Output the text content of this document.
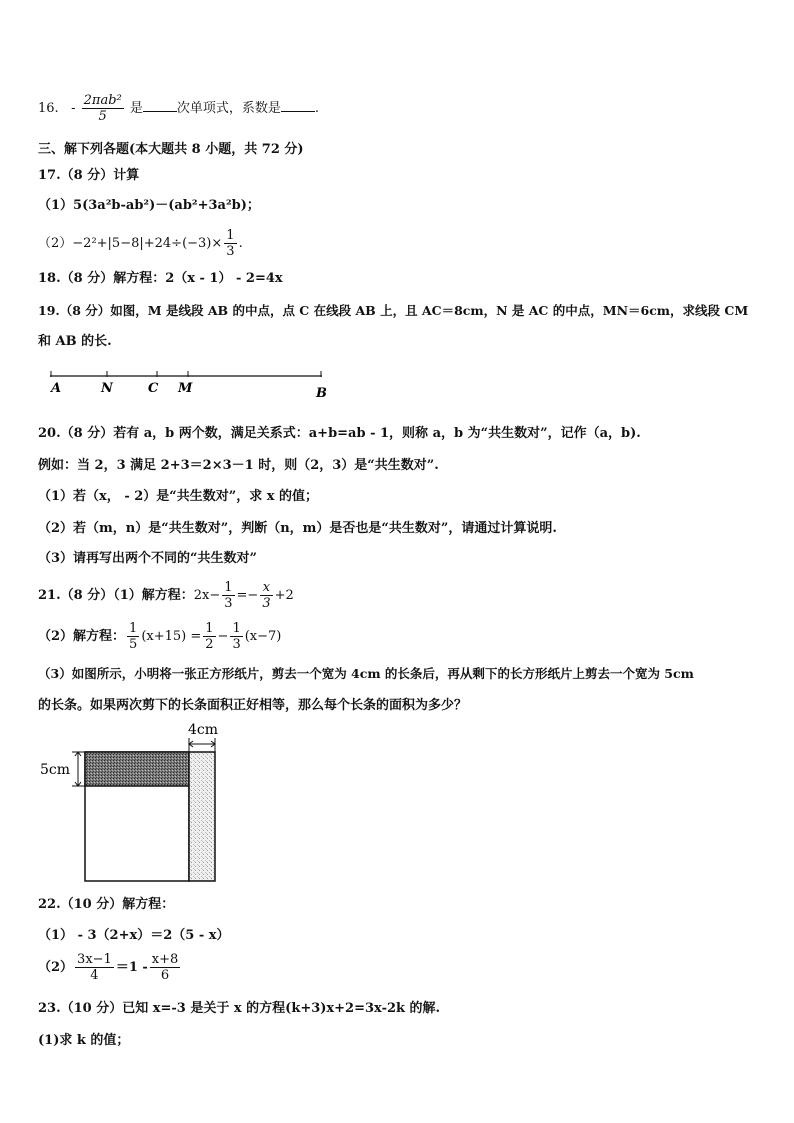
16. - $\frac{\text{2πab²}}{5}$ 是	次单项式，系数是	.
三、解下列各题(本大题共 8 小题，共 72 分)
17.（8 分）计算
（1）5(3a²b-ab²)－(ab²+3a²b)；
$(2)-2^2+|5-8|+24\div(-3)\times \frac{1}{3}$ .
18.（8 分）解方程：2（x - 1） - 2=4x
19.（8 分）如图，M 是线段 AB 的中点，点 C 在线段 AB 上，且 AC＝8cm，N 是 AC 的中点，MN＝6cm，求线段 CM
和 AB 的长.
A	N	C M	B
20.（8 分）若有 a，b 两个数，满足关系式：a+b=ab - 1，则称 a，b 为“共生数对”，记作（a，b).
例如：当 2，3 满足 2+3＝2×3－1 时，则（2，3）是“共生数对”.
（1）若（x， - 2）是“共生数对”，求 x 的值；
（2）若（m，n）是“共生数对”，判断（n，m）是否也是“共生数对”，请通过计算说明.
（3）请再写出两个不同的“共生数对”
21.（8 分）（1）解方程：$2x- \frac{1}{3} =- \frac{x}{3} +2$
（2）解方程： $\frac{1}{5} (x+15) = \frac{1}{2} - \frac{1}{3} (x-7)$
（3）如图所示，小明将一张正方形纸片，剪去一个宽为 4cm 的长条后，再从剩下的长方形纸片上剪去一个宽为 5cm
的长条。如果两次剪下的长条面积正好相等，那么每个长条的面积为多少？
4cm
5cm
22.（10 分）解方程：
（1） - 3（2+x）＝2（5 - x）
$(2) \frac{3x-1}{4} =1 - \frac{x+8}{6}$
23.（10 分）已知 x=-3 是关于 x 的方程(k+3)x+2=3x-2k 的解.
(1)求 k 的值；
